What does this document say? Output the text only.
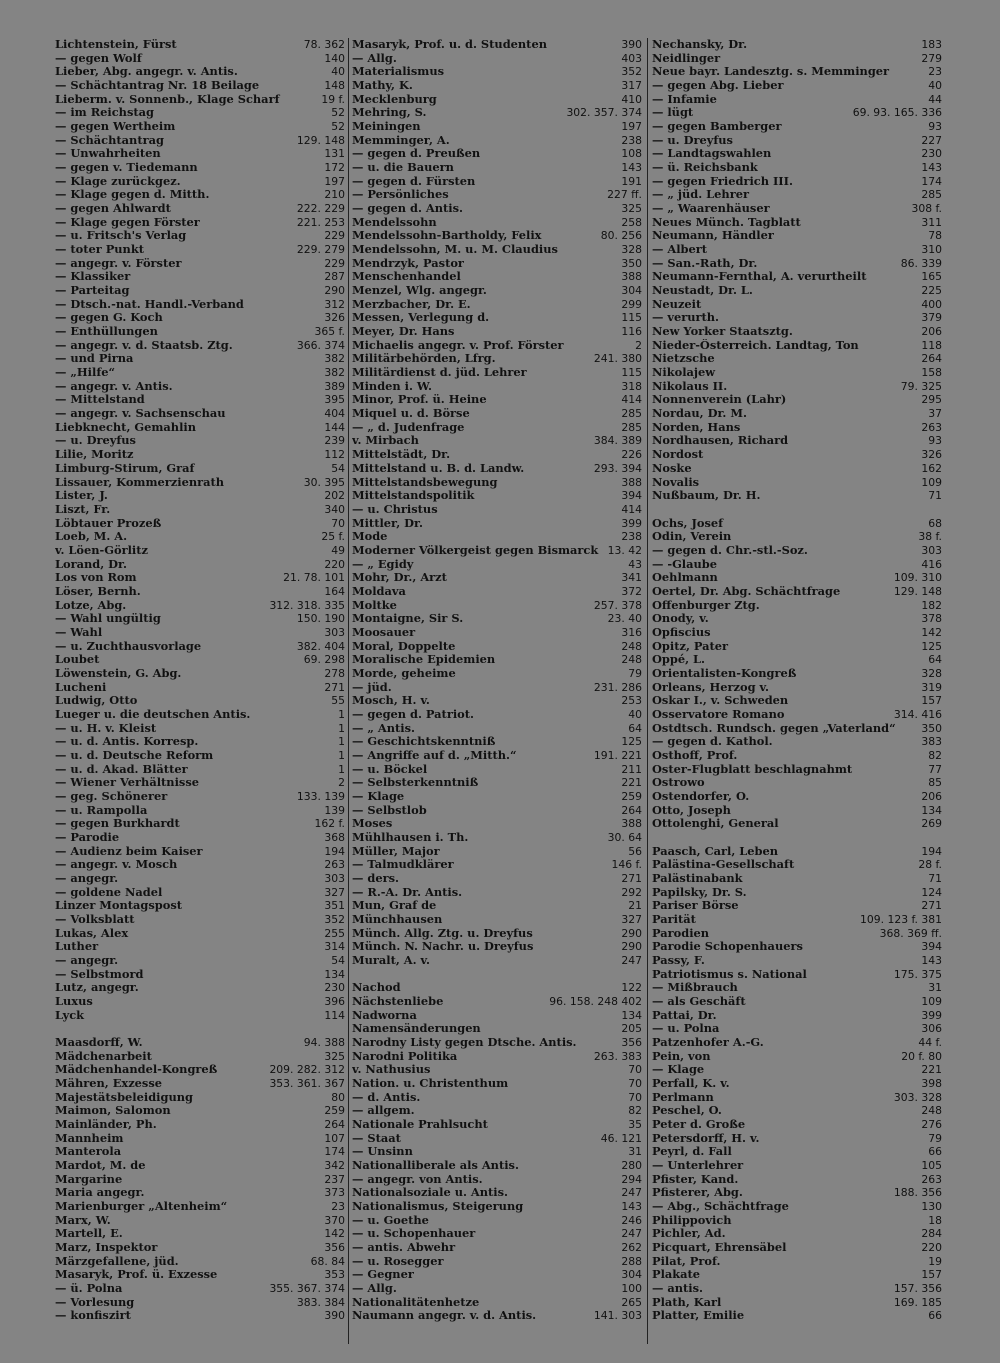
Lichtenstein, Fürst	78. 362
— gegen Wolf	140
Lieber, Abg. angegr. v. Antis.	40
— Schächtantrag Nr. 18 Beilage	148
Lieberm. v. Sonnenb., Klage Scharf	19 f.
— im Reichstag	52
— gegen Wertheim	52
— Schächtantrag	129. 148
— Unwahrheiten	131
— gegen v. Tiedemann	172
— Klage zurückgez.	197
— Klage gegen d. Mitth.	210
— gegen Ahlwardt	222. 229
— Klage gegen Förster	221. 253
— u. Fritsch's Verlag	229
— toter Punkt	229. 279
— angegr. v. Förster	229
— Klassiker	287
— Parteitag	290
— Dtsch.-nat. Handl.-Verband	312
— gegen G. Koch	326
— Enthüllungen	365 f.
— angegr. v. d. Staatsb. Ztg.	366. 374
— und Pirna	382
— „Hilfe“	382
— angegr. v. Antis.	389
— Mittelstand	395
— angegr. v. Sachsenschau	404
Liebknecht, Gemahlin	144
— u. Dreyfus	239
Lilie, Moritz	112
Limburg-Stirum, Graf	54
Lissauer, Kommerzienrath	30. 395
Lister, J.	202
Liszt, Fr.	340
Löbtauer Prozeß	70
Loeb, M. A.	25 f.
v. Löen-Görlitz	49
Lorand, Dr.	220
Los von Rom	21. 78. 101
Löser, Bernh.	164
Lotze, Abg.	312. 318. 335
— Wahl ungültig	150. 190
— Wahl	303
— u. Zuchthausvorlage	382. 404
Loubet	69. 298
Löwenstein, G. Abg.	278
Lucheni	271
Ludwig, Otto	55
Lueger u. die deutschen Antis.	1
— u. H. v. Kleist	1
— u. d. Antis. Korresp.	1
— u. d. Deutsche Reform	1
— u. d. Akad. Blätter	1
— Wiener Verhältnisse	2
— geg. Schönerer	133. 139
— u. Rampolla	139
— gegen Burkhardt	162 f.
— Parodie	368
— Audienz beim Kaiser	194
— angegr. v. Mosch	263
— angegr.	303
— goldene Nadel	327
Linzer Montagspost	351
— Volksblatt	352
Lukas, Alex	255
Luther	314
— angegr.	54
— Selbstmord	134
Lutz, angegr.	230
Luxus	396
Lyck	114
Maasdorff, W.	94. 388
Mädchenarbeit	325
Mädchenhandel-Kongreß	209. 282. 312
Mähren, Exzesse	353. 361. 367
Majestätsbeleidigung	80
Maimon, Salomon	259
Mainländer, Ph.	264
Mannheim	107
Manterola	174
Mardot, M. de	342
Margarine	237
Maria angegr.	373
Marienburger „Altenheim“	23
Marx, W.	370
Martell, E.	142
Marz, Inspektor	356
Märzgefallene, jüd.	68. 84
Masaryk, Prof. ü. Exzesse	353
— ü. Polna	355. 367. 374
— Vorlesung	383. 384
— konfiszirt	390
Masaryk, Prof. u. d. Studenten	390
— Allg.	403
Materialismus	352
Mathy, K.	317
Mecklenburg	410
Mehring, S.	302. 357. 374
Meiningen	197
Memminger, A.	238
— gegen d. Preußen	108
— u. die Bauern	143
— gegen d. Fürsten	191
— Persönliches	227 ff.
— gegen d. Antis.	325
Mendelssohn	258
Mendelssohn-Bartholdy, Felix	80. 256
Mendelssohn, M. u. M. Claudius	328
Mendrzyk, Pastor	350
Menschenhandel	388
Menzel, Wlg. angegr.	304
Merzbacher, Dr. E.	299
Messen, Verlegung d.	115
Meyer, Dr. Hans	116
Michaelis angegr. v. Prof. Förster	2
Militärbehörden, Lfrg.	241. 380
Militärdienst d. jüd. Lehrer	115
Minden i. W.	318
Minor, Prof. ü. Heine	414
Miquel u. d. Börse	285
— „ d. Judenfrage	285
v. Mirbach	384. 389
Mittelstädt, Dr.	226
Mittelstand u. B. d. Landw.	293. 394
Mittelstandsbewegung	388
Mittelstandspolitik	394
— u. Christus	414
Mittler, Dr.	399
Mode	238
Moderner Völkergeist gegen Bismarck 13. 42
— „ Egidy	43
Mohr, Dr., Arzt	341
Moldava	372
Moltke	257. 378
Montaigne, Sir S.	23. 40
Moosauer	316
Moral, Doppelte	248
Moralische Epidemien	248
Morde, geheime	79
— jüd.	231. 286
Mosch, H. v.	253
— gegen d. Patriot.	40
— „ Antis.	64
— Geschichtskenntniß	125
— Angriffe auf d. „Mitth.“	191. 221
— u. Böckel	211
— Selbsterkenntniß	221
— Klage	259
— Selbstlob	264
Moses	388
Mühlhausen i. Th.	30. 64
Müller, Major	56
— Talmudklärer	146 f.
— ders.	271
— R.-A. Dr. Antis.	292
Mun, Graf de	21
Münchhausen	327
Münch. Allg. Ztg. u. Dreyfus	290
Münch. N. Nachr. u. Dreyfus	290
Muralt, A. v.	247
Nachod	122
Nächstenliebe	96. 158. 248 402
Nadworna	134
Namensänderungen	205
Narodny Listy gegen Dtsche. Antis.	356
Narodni Politika	263. 383
v. Nathusius	70
Nation. u. Christenthum	70
— d. Antis.	70
— allgem.	82
Nationale Prahlsucht	35
— Staat	46. 121
— Unsinn	31
Nationalliberale als Antis.	280
— angegr. von Antis.	294
Nationalsoziale u. Antis.	247
Nationalismus, Steigerung	143
— u. Goethe	246
— u. Schopenhauer	247
— antis. Abwehr	262
— u. Rosegger	288
— Gegner	304
— Allg.	100
Nationalitätenhetze	265
Naumann angegr. v. d. Antis.	141. 303
Nechansky, Dr.	183
Neidlinger	279
Neue bayr. Landesztg. s. Memminger	23
— gegen Abg. Lieber	40
— Infamie	44
— lügt	69. 93. 165. 336
— gegen Bamberger	93
— u. Dreyfus	227
— Landtagswahlen	230
— ü. Reichsbank	143
— gegen Friedrich III.	174
— „ jüd. Lehrer	285
— „ Waarenhäuser	308 f.
Neues Münch. Tagblatt	311
Neumann, Händler	78
— Albert	310
— San.-Rath, Dr.	86. 339
Neumann-Fernthal, A. verurtheilt	165
Neustadt, Dr. L.	225
Neuzeit	400
— verurth.	379
New Yorker Staatsztg.	206
Nieder-Österreich. Landtag, Ton	118
Nietzsche	264
Nikolajew	158
Nikolaus II.	79. 325
Nonnenverein (Lahr)	295
Nordau, Dr. M.	37
Norden, Hans	263
Nordhausen, Richard	93
Nordost	326
Noske	162
Novalis	109
Nußbaum, Dr. H.	71
Ochs, Josef	68
Odin, Verein	38 f.
— gegen d. Chr.-stl.-Soz.	303
— -Glaube	416
Oehlmann	109. 310
Oertel, Dr. Abg. Schächtfrage	129. 148
Offenburger Ztg.	182
Onody, v.	378
Opfiscius	142
Opitz, Pater	125
Oppé, L.	64
Orientalisten-Kongreß	328
Orleans, Herzog v.	319
Oskar I., v. Schweden	157
Osservatore Romano	314. 416
Ostdtsch. Rundsch. gegen „Vaterland“	350
— gegen d. Kathol.	383
Osthoff, Prof.	82
Oster-Flugblatt beschlagnahmt	77
Ostrowo	85
Ostendorfer, O.	206
Otto, Joseph	134
Ottolenghi, General	269
Paasch, Carl, Leben	194
Palästina-Gesellschaft	28 f.
Palästinabank	71
Papilsky, Dr. S.	124
Pariser Börse	271
Parität	109. 123 f. 381
Parodien	368. 369 ff.
Parodie Schopenhauers	394
Passy, F.	143
Patriotismus s. National	175. 375
— Mißbrauch	31
— als Geschäft	109
Pattai, Dr.	399
— u. Polna	306
Patzenhofer A.-G.	44 f.
Pein, von	20 f. 80
— Klage	221
Perfall, K. v.	398
Perlmann	303. 328
Peschel, O.	248
Peter d. Große	276
Petersdorff, H. v.	79
Peyrl, d. Fall	66
— Unterlehrer	105
Pfister, Kand.	263
Pfisterer, Abg.	188. 356
— Abg., Schächtfrage	130
Philippovich	18
Pichler, Ad.	284
Picquart, Ehrensäbel	220
Pilat, Prof.	19
Plakate	157
— antis.	157. 356
Plath, Karl	169. 185
Platter, Emilie	66
